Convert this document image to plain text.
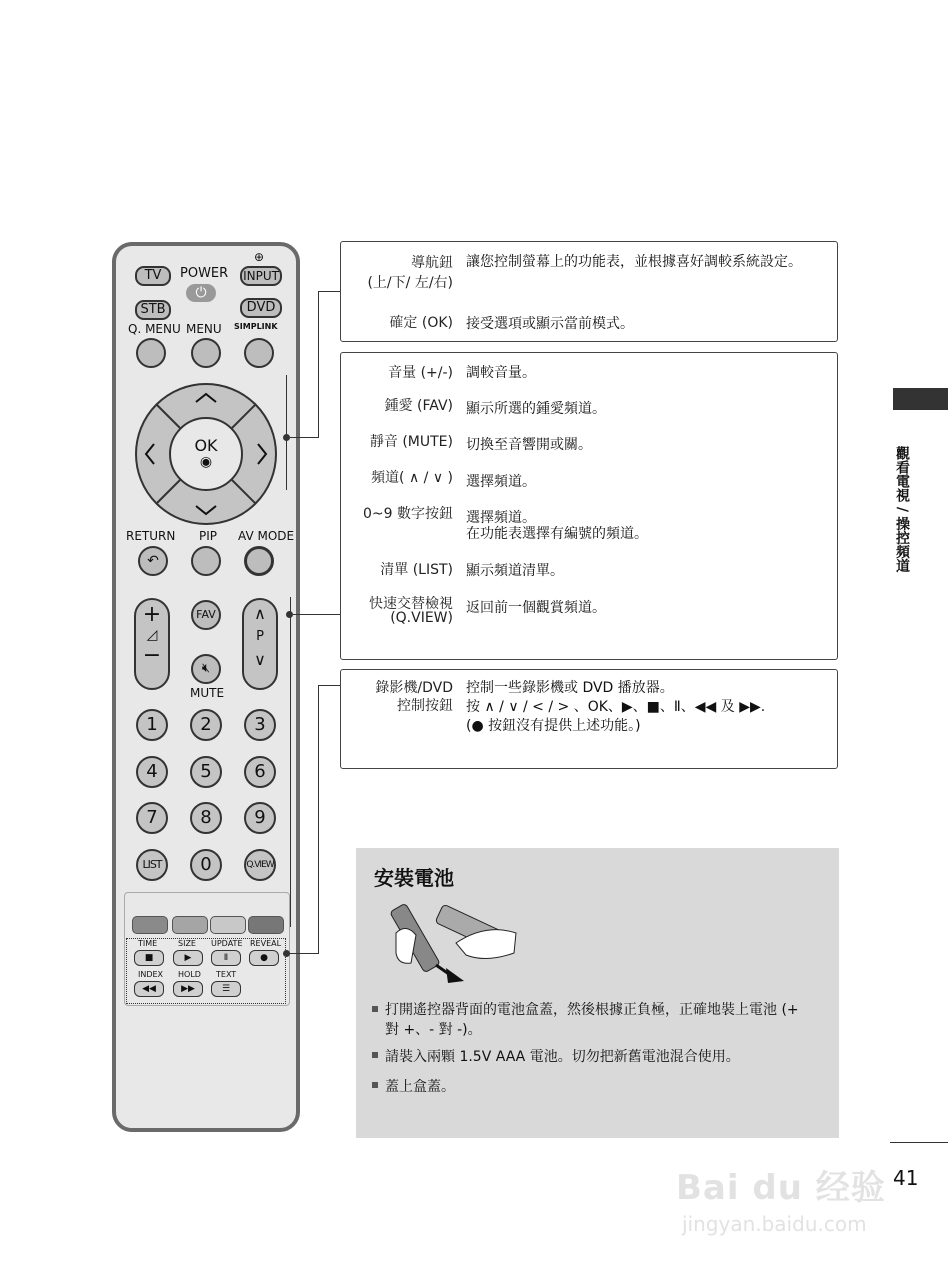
觀看電視 / 操控頻道
TV	POWER
⏻
⊕
INPUT
STB	DVD
Q. MENU MENU SIMPLINK
OK
◉
RETURN PIP AV MODE
↶
+
◿
−
FAV
🔇︎
MUTE
∧
P
∨
1	2	3
4	5	6
7	8	9
LIST	0	Q.VIEW
TIME	SIZE UPDATE REVEAL
■	▶	Ⅱ	●
INDEX HOLD TEXT
◀◀	▶▶	☰
導航鈕
(上/下/ 左/右)
讓您控制螢幕上的功能表，並根據喜好調較系統設定。
確定 (OK) 接受選項或顯示當前模式。
音量 (+/-) 調較音量。
鍾愛 (FAV) 顯示所選的鍾愛頻道。
靜音 (MUTE) 切換至音響開或關。
頻道( ∧ / ∨ ) 選擇頻道。
0~9 數字按鈕 選擇頻道。
在功能表選擇有編號的頻道。
清單 (LIST) 顯示頻道清單。
快速交替檢視
(Q.VIEW)
返回前一個觀賞頻道。
錄影機/DVD
控制按鈕
控制一些錄影機或 DVD 播放器。
按 ∧ / ∨ / < / > 、OK、▶、■、Ⅱ、◀◀ 及 ▶▶.
(● 按鈕沒有提供上述功能。)
安裝電池
打開遙控器背面的電池盒蓋，然後根據正負極，正確地裝上電池 (+ 對 +、- 對 -)。
請裝入兩顆 1.5V AAA 電池。切勿把新舊電池混合使用。
蓋上盒蓋。
41
Bai du 经验
jingyan.baidu.com
